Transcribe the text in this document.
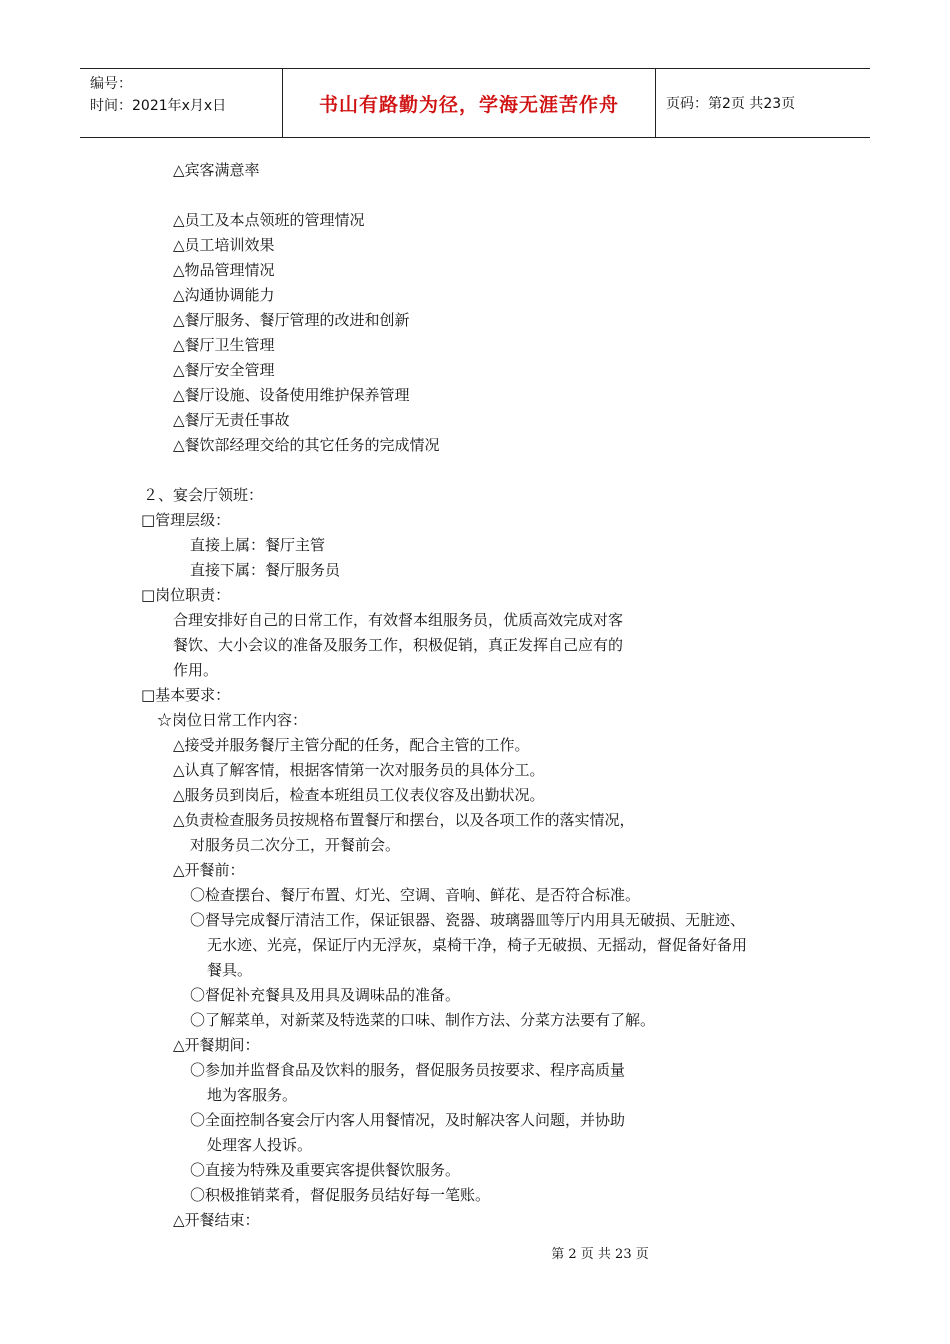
编号：
时间：2021年x月x日	书山有路勤为径，学海无涯苦作舟	页码：第2页 共23页
△宾客满意率
△员工及本点领班的管理情况
△员工培训效果
△物品管理情况
△沟通协调能力
△餐厅服务、餐厅管理的改进和创新
△餐厅卫生管理
△餐厅安全管理
△餐厅设施、设备使用维护保养管理
△餐厅无责任事故
△餐饮部经理交给的其它任务的完成情况
２、宴会厅领班：
□管理层级：
直接上属：餐厅主管
直接下属：餐厅服务员
□岗位职责：
合理安排好自己的日常工作，有效督本组服务员，优质高效完成对客
餐饮、大小会议的准备及服务工作，积极促销，真正发挥自己应有的
作用。
□基本要求：
☆岗位日常工作内容：
△接受并服务餐厅主管分配的任务，配合主管的工作。
△认真了解客情，根据客情第一次对服务员的具体分工。
△服务员到岗后，检查本班组员工仪表仪容及出勤状况。
△负责检查服务员按规格布置餐厅和摆台，以及各项工作的落实情况，
对服务员二次分工，开餐前会。
△开餐前：
〇检查摆台、餐厅布置、灯光、空调、音响、鲜花、是否符合标准。
〇督导完成餐厅清洁工作，保证银器、瓷器、玻璃器皿等厅内用具无破损、无脏迹、
无水迹、光亮，保证厅内无浮灰，桌椅干净，椅子无破损、无摇动，督促备好备用
餐具。
〇督促补充餐具及用具及调味品的准备。
〇了解菜单，对新菜及特选菜的口味、制作方法、分菜方法要有了解。
△开餐期间：
〇参加并监督食品及饮料的服务，督促服务员按要求、程序高质量
地为客服务。
〇全面控制各宴会厅内客人用餐情况，及时解决客人问题，并协助
处理客人投诉。
〇直接为特殊及重要宾客提供餐饮服务。
〇积极推销菜肴，督促服务员结好每一笔账。
△开餐结束：
第 2 页 共 23 页
